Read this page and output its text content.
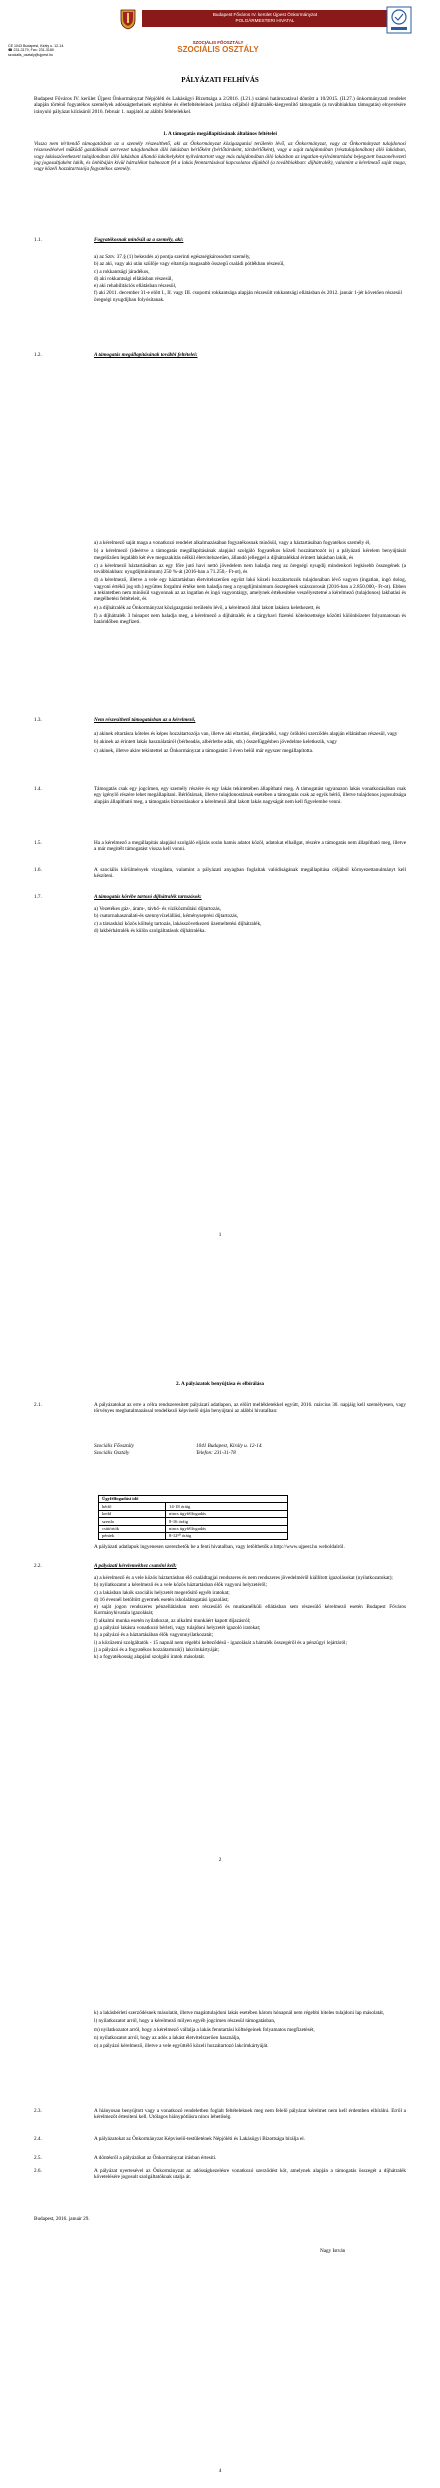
Budapest Főváros IV. kerület Újpest Önkormányzat
POLGÁRMESTERI HIVATAL
CE 1043 Budapest, Király u. 12-14.
☎ 231-3179, Fax: 231-3180
szocialis_osztaly@ujpest.hu
SZOCIÁLIS FŐOSZTÁLY
SZOCIÁLIS OSZTÁLY
PÁLYÁZATI FELHÍVÁS
Budapest Főváros IV. kerület Újpest Önkormányzat Népjóléti és Lakásügyi Bizottsága a 2/2016. (I.21.) számú határozatával döntött a 10/2015. (II.27.) önkormányzati rendelet alapján történő fogyatékos személyek adósságterheinek enyhítése és életfeltételeinek javítása céljából díjhátralék-kiegyenlítő támogatás (a továbbiakban támogatás) elnyerésére irányuló pályázat kiírásáról 2016. február 1. napjától az alábbi feltételekkel.
1. A támogatás megállapításának általános feltételei
Vissza nem térítendő támogatásban az a személy részesíthető, aki az Önkormányzat közigazgatási területén lévő, az Önkormányzat, vagy az Önkormányzat tulajdonosi részesedésével működő gazdálkodó szervezet tulajdonában álló lakásban bérlőként (bérlőtársként, társbérlőként), vagy a saját tulajdonában (résztulajdonában) álló lakásban, vagy lakásszövetkezeti tulajdonában álló lakásban állandó lakóhelyként nyilvántartott vagy más tulajdonában álló lakásban az ingatlan-nyilvántartásba bejegyzett haszonélvezeti jog jogosultjaként lakik, és önhibáján kívül hátralékot halmozott fel a lakás fenntartásával kapcsolatos díjakból (a továbbiakban: díjhátralék), valamint a kérelmező saját maga, vagy közeli hozzátartozója fogyatékos személy.
1.1.	Fogyatékosnak minősül az a személy, aki:
a) az Sztv. 37.§ (1) bekezdés a) pontja szerinti egészségkárosodott személy,
b) az aki, vagy aki után szülője vagy eltartója magasabb összegű családi pótlékban részesül,
c) a rokkantsági járadékos,
d) aki rokkantsági ellátásban részesül,
e) aki rehabilitációs ellátásban részesül,
f) aki 2011. december 31-e előtt I., II. vagy III. csoportú rokkantsága alapján részesült rokkantsági ellátásban és 2012. január 1-jét követően részesül öregségi nyugdíjban folyósítanak.
1.2.	A támogatás megállapításának további feltételei:
a) a kérelmező saját maga a vonatkozó rendelet alkalmazásában fogyatékosnak minősül, vagy a háztartásában fogyatékos személy él,
b) a kérelmező (ideértve a támogatás megállapításának alapjául szolgáló fogyatékos közeli hozzátartozót is) a pályázati kérelem benyújtását megelőzően legalább két éve megszakítás nélkül életvitelszerűen, állandó jelleggel a díjhátralékkal érintett lakásban lakik, és
c) a kérelmező háztartásában az egy főre jutó havi nettó jövedelem nem haladja meg az öregségi nyugdíj mindenkori legkisebb összegének (a továbbiakban: nyugdíjminimum) 250 %-át (2016-ban a 71.250,- Ft-ot), és
d) a kérelmező, illetve a vele egy háztartásban életvitelszerűen együtt lakó közeli hozzátartozók tulajdonában lévő vagyon (ingatlan, ingó dolog, vagyoni értékű jog stb.) együttes forgalmi értéke nem haladja meg a nyugdíjminimum összegének százszorosát (2016-ban a 2.850.000,- Ft-ot). Ebben a tekintetben nem minősül vagyonnak az az ingatlan és ingó vagyontárgy, amelynek értékesítése veszélyeztetné a kérelmező (tulajdonos) lakhatási és megélhetési feltételeit, és
e) a díjhátralék az Önkormányzat közigazgatási területén lévő, a kérelmező által lakott lakásra keletkezett, és
f) a díjhátralék 3 hónapot nem haladja meg, a kérelmező a díjhátralék és a tárgyhavi fizetési kötelezettsége közötti különbözetet folyamatosan és határidőben megfizeti.
1.3.	Nem részesíthető támogatásban az a kérelmező,
a) akinek eltartásra köteles és képes hozzátartozója van, illetve aki eltartási, életjáradéki, vagy öröklési szerződés alapján ellátásban részesül, vagy
b) akinek az érintett lakás használatáról (bérbeadás, albérletbe adás, stb.) összefüggésben jövedelme keletkezik, vagy
c) akinek, illetve akire tekintettel az Önkormányzat a támogatást 3 éven belül már egyszer megállapította.
1.4.	Támogatás csak egy jogcímen, egy személy részére és egy lakás tekintetében állapítható meg. A támogatást ugyanazon lakás vonatkozásában csak egy igénylő részére lehet megállapítani. Bérlőtársak, illetve tulajdonostársak esetében a támogatás csak az egyik bérlő, illetve tulajdonos jogosultsága alapján állapítható meg, a támogatás biztosításakor a kérelmező által lakott lakás nagyságát nem kell figyelembe venni.
1.5.	Ha a kérelmező a megállapítás alapjául szolgáló eljárás során hamis adatot közöl, adatokat elhallgat, részére a támogatás nem állapítható meg, illetve a már megítélt támogatást vissza kell vonni.
1.6.	A szociális körülmények vizsgálata, valamint a pályázati anyagban foglaltak valódiságának megállapítása céljából környezettanulmányt kell készíteni.
1.7.	A támogatás körébe tartozó díjhátralék tartozások:
a) Vezetékes gáz-, áram-, távhő- és víziközműtási díjtartozás,
b) csatornahasználati-és szennyvízelállási, kéményseprési díjtartozás,
c) a társasházi közös költség tartozás, lakásszövetkezeti üzemeltetési díjhátralék,
d) lakbérhátralék és külön szolgáltatások díjhátraléka.
1
2. A pályázatok benyújtása és elbírálása
2.1.	A pályázatokat az erre a célra rendszeresített pályázati adatlapon, az előírt mellékletekkel együtt, 2016. március 30. napjáig kell személyesen, vagy törvényes meghatalmazással rendelkező képviselő útján benyújtani az alábbi hivatalban:
Szociális Főosztály	1041 Budapest, Király u. 12-14.
Szociális Osztály	Telefon: 231-31-78
Ügyfélfogadási idő	
hétfő	14-18 óráig
kedd	nincs ügyfélfogadás
szerda	8-16 óráig
csütörtök	nincs ügyfélfogadás
péntek	8-12³⁰ óráig
A pályázati adatlapok ingyenesen szerezhetők be a fenti hivatalban, vagy letölthetők a http://www.ujpest.hu weboldalról.
2.2.	A pályázati kérelemekhez csatolni kell:
a) a kérelmező és a vele közös háztartásban élő családtagjai rendszeres és nem rendszeres jövedelméről kiállított igazolásokat (nyilatkozatokat);
b) nyilatkozatot a kérelmező és a vele közös háztartásban élők vagyoni helyzetéről;
c) a lakásban lakók szociális helyzetét megerősítő egyéb iratokat;
d) 16 évesnél betöltött gyermek esetén iskolalátogatási igazolást;
e) saját jogon rendszeres pénzellátásban nem részesülő és munkanélküli ellátásban sem részesülő kérelmező esetén Budapest Főváros Kormányhivatala igazolását;
f) alkalmi munka esetén nyilatkozat, az alkalmi munkáért kapott díjazásról;
g) a pályázó lakásra vonatkozó bérleti, vagy tulajdoni helyzetét igazoló iratokat;
h) a pályázó és a háztartásában élők vagyonnyilatkozatát;
i) a közüzemi szolgáltatók - 15 napnál nem régebbi kelteződésű - igazolását a hátralék összegéről és a pénzügyi lejártáról;
j) a pályázó és a fogyatékos hozzátartozó(i) lakcímkártyáját;
k) a fogyatékosság alapjául szolgáló iratok másolatát.
2
k) a lakásbérleti szerződésnek másolatát, illetve magántulajdoni lakás esetében három hónapnál nem régebbi hiteles tulajdoni lap másolatát,
l) nyilatkozatot arról, hogy a kérelmező milyen egyéb jogcímen részesül támogatásban,
m) nyilatkozatot arról, hogy a kérelmező vállalja a lakás fenntartási költségeinek folyamatos megfizetését,
n) nyilatkozatot arról, hogy az adós a lakást életvitelszerűen használja,
o) a pályázó kérelmező, illetve a vele együttélő közeli hozzátartozó lakcímkártyáját.
2.3.	A hiányosan benyújtott vagy a vonatkozó rendeletben foglalt feltételeknek meg nem felelő pályázat kérelmet nem kell érdemben elbírálni. Erről a kérelmezőt értesíteni kell. Utólagos hiánypótlásra nincs lehetőség.
2.4.	A pályázatokat az Önkormányzat Képviselő-testületének Népjóléti és Lakásügyi Bizottsága bírálja el.
2.5.	A döntésről a pályázókat az Önkormányzat írásban értesíti.
2.6.	A pályázat nyertesével az Önkormányzat az adósságkezelésre vonatkozó szerződést köt, amelynek alapján a támogatás összegét a díjhátralék követelésére jogosult szolgáltatóknak utalja át.
Budapest, 2016. január 29.
Nagy István
4
